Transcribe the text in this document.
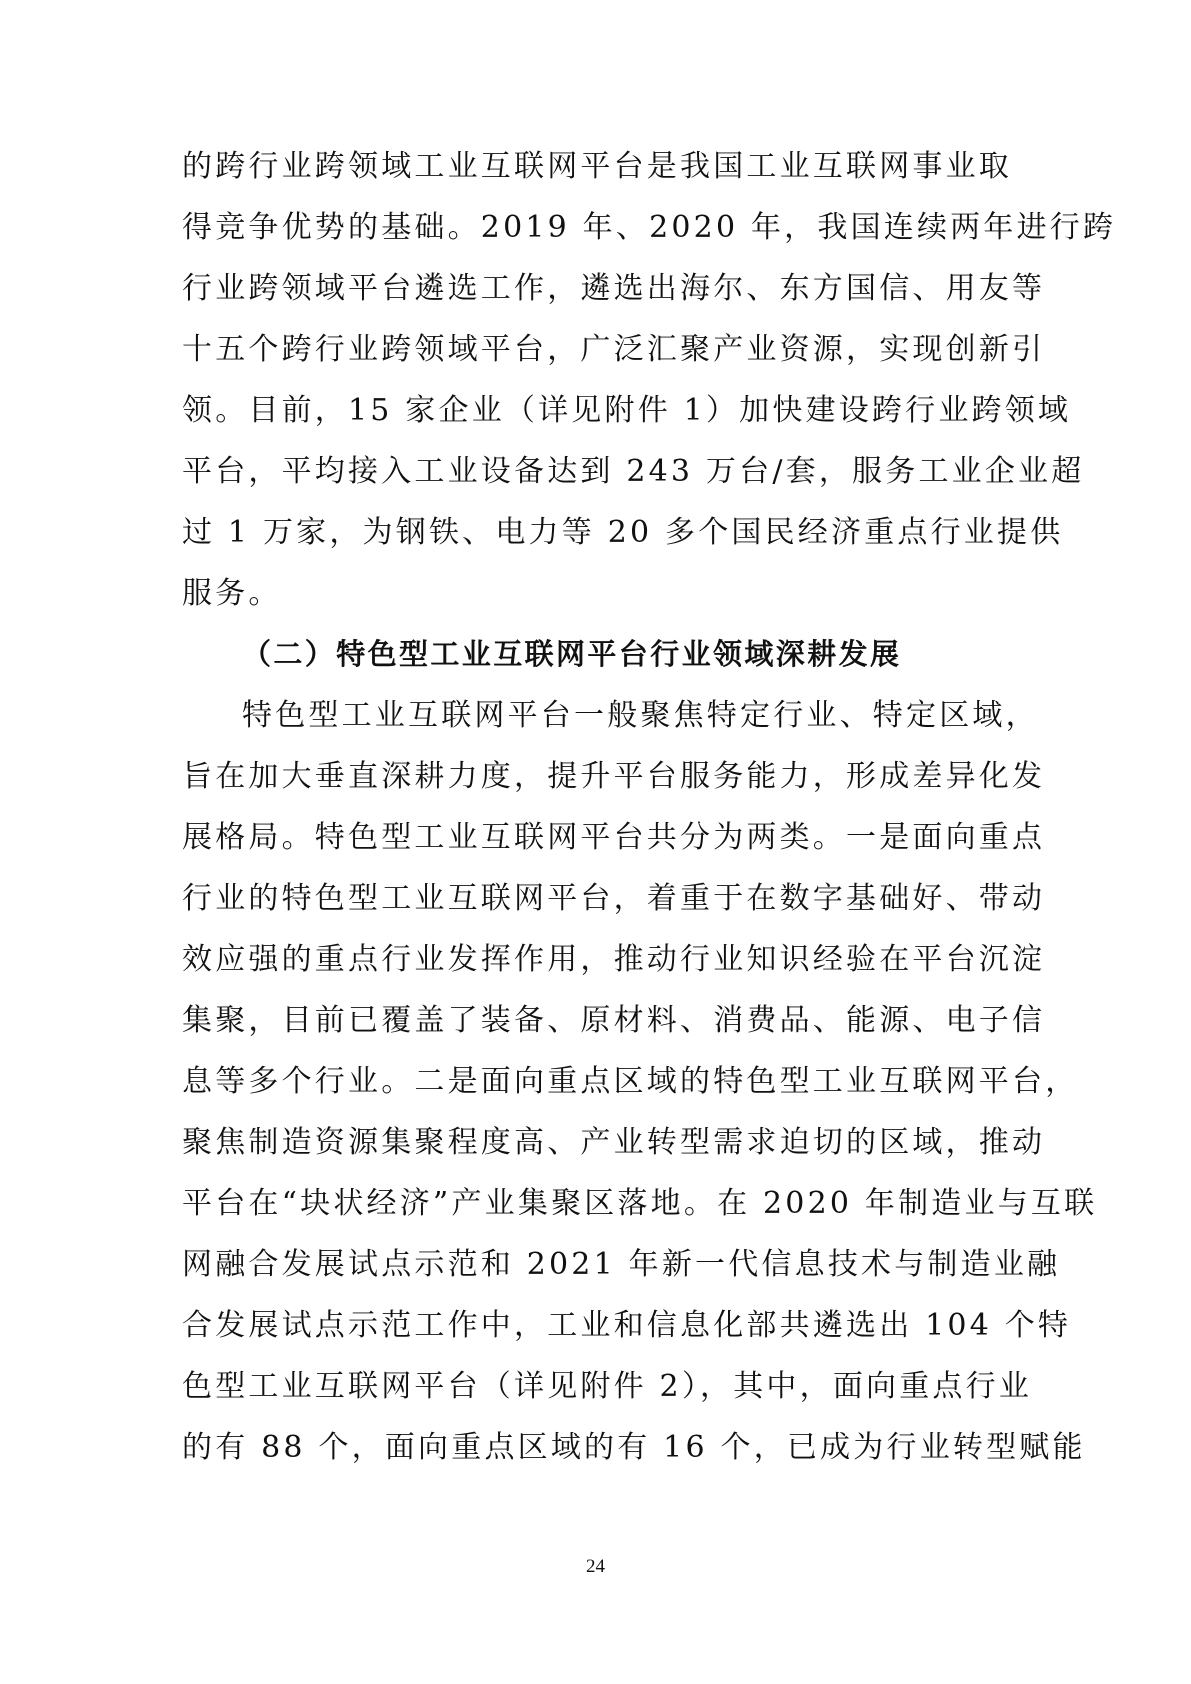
的跨行业跨领域工业互联网平台是我国工业互联网事业取
得竞争优势的基础。2019 年、2020 年，我国连续两年进行跨
行业跨领域平台遴选工作，遴选出海尔、东方国信、用友等
十五个跨行业跨领域平台，广泛汇聚产业资源，实现创新引
领。目前，15 家企业（详见附件 1）加快建设跨行业跨领域
平台，平均接入工业设备达到 243 万台/套，服务工业企业超
过 1 万家，为钢铁、电力等 20 多个国民经济重点行业提供
服务。
（二）特色型工业互联网平台行业领域深耕发展
特色型工业互联网平台一般聚焦特定行业、特定区域，
旨在加大垂直深耕力度，提升平台服务能力，形成差异化发
展格局。特色型工业互联网平台共分为两类。一是面向重点
行业的特色型工业互联网平台，着重于在数字基础好、带动
效应强的重点行业发挥作用，推动行业知识经验在平台沉淀
集聚，目前已覆盖了装备、原材料、消费品、能源、电子信
息等多个行业。二是面向重点区域的特色型工业互联网平台，
聚焦制造资源集聚程度高、产业转型需求迫切的区域，推动
平台在“块状经济”产业集聚区落地。在 2020 年制造业与互联
网融合发展试点示范和 2021 年新一代信息技术与制造业融
合发展试点示范工作中，工业和信息化部共遴选出 104 个特
色型工业互联网平台（详见附件 2），其中，面向重点行业
的有 88 个，面向重点区域的有 16 个，已成为行业转型赋能
24
